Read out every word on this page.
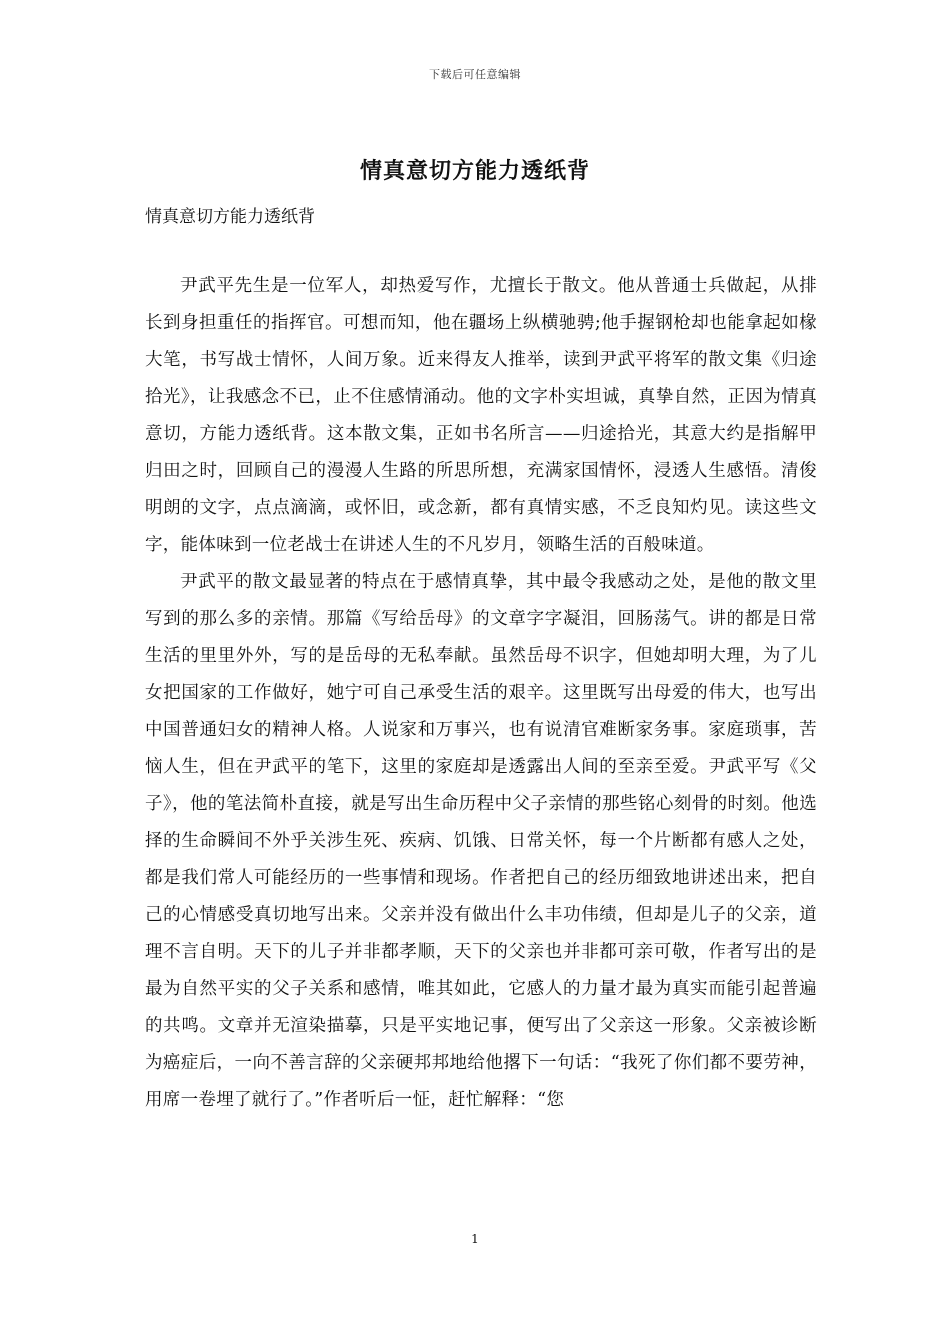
下载后可任意编辑
情真意切方能力透纸背
情真意切方能力透纸背

尹武平先生是一位军人，却热爱写作，尤擅长于散文。他从普通士兵做起，从排长到身担重任的指挥官。可想而知，他在疆场上纵横驰骋;他手握钢枪却也能拿起如椽大笔，书写战士情怀，人间万象。近来得友人推举，读到尹武平将军的散文集《归途拾光》，让我感念不已，止不住感情涌动。他的文字朴实坦诚，真挚自然，正因为情真意切，方能力透纸背。这本散文集，正如书名所言——归途拾光，其意大约是指解甲归田之时，回顾自己的漫漫人生路的所思所想，充满家国情怀，浸透人生感悟。清俊明朗的文字，点点滴滴，或怀旧，或念新，都有真情实感，不乏良知灼见。读这些文字，能体味到一位老战士在讲述人生的不凡岁月，领略生活的百般味道。

尹武平的散文最显著的特点在于感情真挚，其中最令我感动之处，是他的散文里写到的那么多的亲情。那篇《写给岳母》的文章字字凝泪，回肠荡气。讲的都是日常生活的里里外外，写的是岳母的无私奉献。虽然岳母不识字，但她却明大理，为了儿女把国家的工作做好，她宁可自己承受生活的艰辛。这里既写出母爱的伟大，也写出中国普通妇女的精神人格。人说家和万事兴，也有说清官难断家务事。家庭琐事，苦恼人生，但在尹武平的笔下，这里的家庭却是透露出人间的至亲至爱。尹武平写《父子》，他的笔法简朴直接，就是写出生命历程中父子亲情的那些铭心刻骨的时刻。他选择的生命瞬间不外乎关涉生死、疾病、饥饿、日常关怀，每一个片断都有感人之处，都是我们常人可能经历的一些事情和现场。作者把自己的经历细致地讲述出来，把自己的心情感受真切地写出来。父亲并没有做出什么丰功伟绩，但却是儿子的父亲，道理不言自明。天下的儿子并非都孝顺，天下的父亲也并非都可亲可敬，作者写出的是最为自然平实的父子关系和感情，唯其如此，它感人的力量才最为真实而能引起普遍的共鸣。文章并无渲染描摹，只是平实地记事，便写出了父亲这一形象。父亲被诊断为癌症后，一向不善言辞的父亲硬邦邦地给他撂下一句话：“我死了你们都不要劳神，用席一卷埋了就行了。”作者听后一怔，赶忙解释：“您

1
